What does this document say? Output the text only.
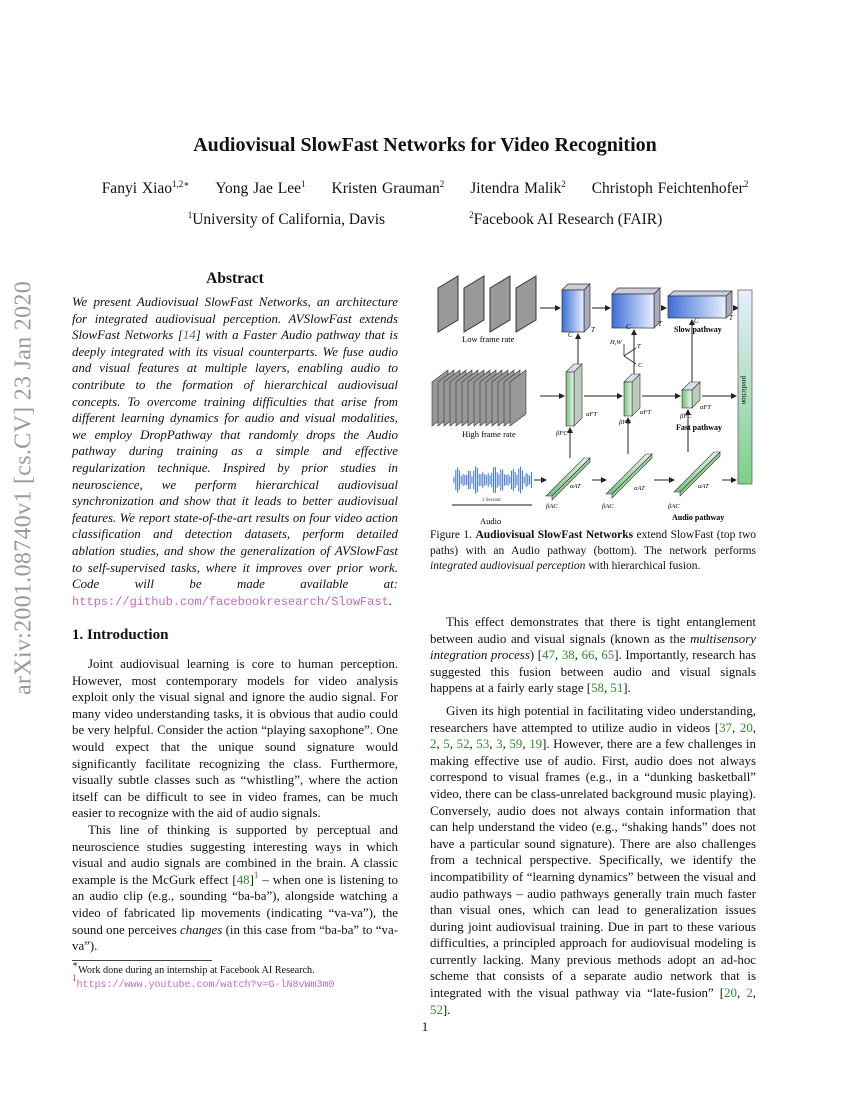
arXiv:2001.08740v1 [cs.CV] 23 Jan 2020
Audiovisual SlowFast Networks for Video Recognition
Fanyi Xiao$^{1,2∗}$ Yong Jae Lee$^1$ Kristen Grauman$^2$ Jitendra Malik$^2$ Christoph Feichtenhofer$^2$
$^1$University of California, Davis	$^2$Facebook AI Research (FAIR)
Abstract
We present Audiovisual SlowFast Networks, an architecture for integrated audiovisual perception. AVSlowFast extends SlowFast Networks [14] with a Faster Audio pathway that is deeply integrated with its visual counterparts. We fuse audio and visual features at multiple layers, enabling audio to contribute to the formation of hierarchical audiovisual concepts. To overcome training difficulties that arise from different learning dynamics for audio and visual modalities, we employ DropPathway that randomly drops the Audio pathway during training as a simple and effective regularization technique. Inspired by prior studies in neuroscience, we perform hierarchical audiovisual synchronization and show that it leads to better audiovisual features. We report state-of-the-art results on four video action classification and detection datasets, perform detailed ablation studies, and show the generalization of AVSlowFast to self-supervised tasks, where it improves over prior work. Code will be made available at: https://github.com/facebookresearch/SlowFast.
1. Introduction

Joint audiovisual learning is core to human perception. However, most contemporary models for video analysis exploit only the visual signal and ignore the audio signal. For many video understanding tasks, it is obvious that audio could be very helpful. Consider the action “playing saxophone”. One would expect that the unique sound signature would significantly facilitate recognizing the class. Furthermore, visually subtle classes such as “whistling”, where the action itself can be difficult to see in video frames, can be much easier to recognize with the aid of audio signals.

This line of thinking is supported by perceptual and neuroscience studies suggesting interesting ways in which visual and audio signals are combined in the brain. A classic example is the McGurk effect $[48]^1$ – when one is listening to an audio clip (e.g., sounding “ba-ba”), alongside watching a video of fabricated lip movements (indicating “va-va”), the sound one perceives changes (in this case from “ba-ba” to “va-va”).

∗Work done during an internship at Facebook AI Research.
$^1$https://www.youtube.com/watch?v=G-lN8vWm3m0
Low frame rate
High frame rate
1 Second
Audio
C
T	C	T	C	T
Slow pathway
H,W
T
C
αFT
βFC
αFT
βFC
αFT
βFC
Fast pathway
αAT
βAC
αAT
βAC
αAT
βAC
Audio pathway
prediction
Figure 1. Audiovisual SlowFast Networks extend SlowFast (top two paths) with an Audio pathway (bottom). The network performs integrated audiovisual perception with hierarchical fusion.

This effect demonstrates that there is tight entanglement between audio and visual signals (known as the multisensory integration process) [47, 38, 66, 65]. Importantly, research has suggested this fusion between audio and visual signals happens at a fairly early stage [58, 51].

Given its high potential in facilitating video understanding, researchers have attempted to utilize audio in videos [37, 20, 2, 5, 52, 53, 3, 59, 19]. However, there are a few challenges in making effective use of audio. First, audio does not always correspond to visual frames (e.g., in a “dunking basketball” video, there can be class-unrelated background music playing). Conversely, audio does not always contain information that can help understand the video (e.g., “shaking hands” does not have a particular sound signature). There are also challenges from a technical perspective. Specifically, we identify the incompatibility of “learning dynamics” between the visual and audio pathways – audio pathways generally train much faster than visual ones, which can lead to generalization issues during joint audiovisual training. Due in part to these various difficulties, a principled approach for audiovisual modeling is currently lacking. Many previous methods adopt an ad-hoc scheme that consists of a separate audio network that is integrated with the visual pathway via “late-fusion” [20, 2, 52].

1
